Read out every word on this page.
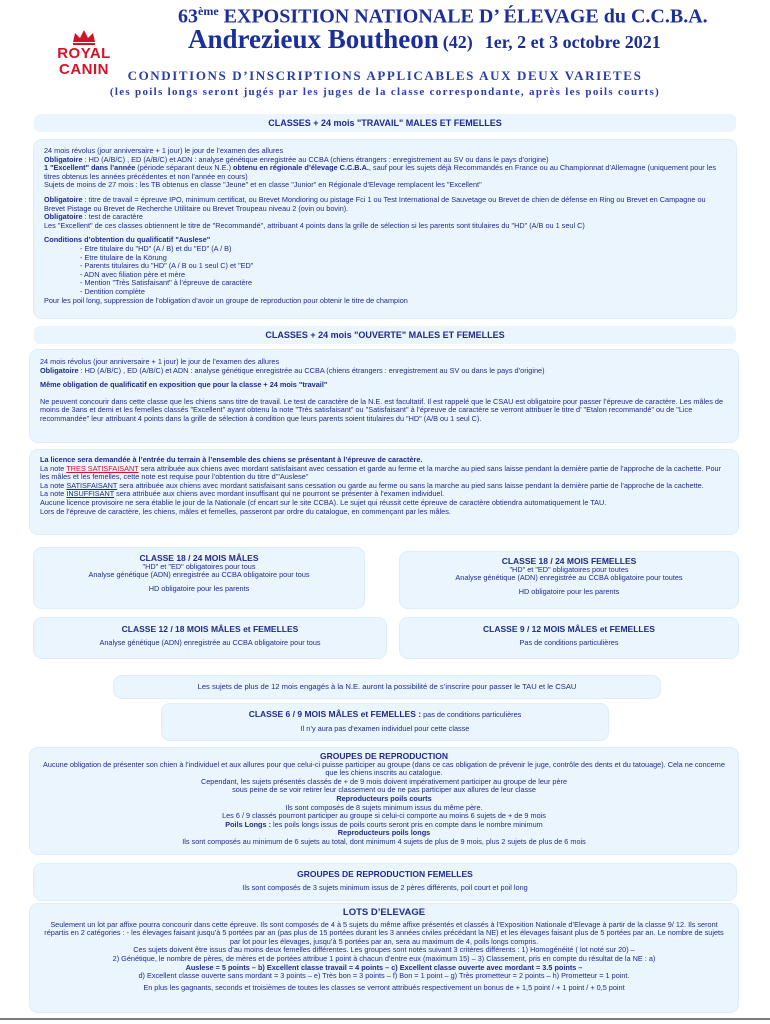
ROYAL CANIN
63ème EXPOSITION NATIONALE D’ ÉLEVAGE du C.C.B.A.
Andrezieux Boutheon (42) 1er, 2 et 3 octobre 2021
CONDITIONS D’INSCRIPTIONS APPLICABLES AUX DEUX VARIETES
(les poils longs seront jugés par les juges de la classe correspondante, après les poils courts)
CLASSES + 24 mois "TRAVAIL" MALES ET FEMELLES

24 mois révolus (jour anniversaire + 1 jour) le jour de l’examen des allures

Obligatoire : HD (A/B/C) , ED (A/B/C) et ADN : analyse génétique enregistrée au CCBA (chiens étrangers : enregistrement au SV ou dans le pays d’origine)

1 "Excellent" dans l’année (période séparant deux N.E.) obtenu en régionale d’élevage C.C.B.A., sauf pour les sujets déjà Recommandés en France ou au Championnat d’Allemagne (uniquement pour les titres obtenus les années précédentes et non l’année en cours)

Sujets de moins de 27 mois : les TB obtenus en classe "Jeune" et en classe "Junior" en Régionale d’Elevage remplacent les "Excellent"

Obligatoire : titre de travail = épreuve IPO, minimum certificat, ou Brevet Mondioring ou pistage Fci 1 ou Test International de Sauvetage ou Brevet de chien de défense en Ring ou Brevet en Campagne ou Brevet Pistage ou Brevet de Recherche Utilitaire ou Brevet Troupeau niveau 2 (ovin ou bovin).

Obligatoire : test de caractère

Les "Excellent" de ces classes obtiennent le titre de "Recommandé", attribuant 4 points dans la grille de sélection si les parents sont titulaires du "HD" (A/B ou 1 seul C)

Conditions d’obtention du qualificatif "Auslese"

- Etre titulaire du "HD" (A / B) et du "ED" (A / B)

- Etre titulaire de la Körung

- Parents titulaires du "HD" (A / B ou 1 seul C) et "ED"

- ADN avec filiation père et mère

- Mention "Très Satisfaisant" à l’épreuve de caractère

- Dentition complète

Pour les poil long, suppression de l’obligation d’avoir un groupe de reproduction pour obtenir le titre de champion

CLASSES + 24 mois "OUVERTE" MALES ET FEMELLES

24 mois révolus (jour anniversaire + 1 jour) le jour de l’examen des allures

Obligatoire : HD (A/B/C) , ED (A/B/C) et ADN : analyse génétique enregistrée au CCBA (chiens étrangers : enregistrement au SV ou dans le pays d’origine)

Même obligation de qualificatif en exposition que pour la classe + 24 mois "travail"

Ne peuvent concourir dans cette classe que les chiens sans titre de travail. Le test de caractère de la N.E. est facultatif. Il est rappelé que le CSAU est obligatoire pour passer l’épreuve de caractère. Les mâles de moins de 3ans et demi et les femelles classés "Excellent" ayant obtenu la note "Très satisfaisant" ou "Satisfaisant" à l’épreuve de caractère se verront attribuer le titre d’ "Etalon recommandé" ou de "Lice recommandée" leur attribuant 4 points dans la grille de sélection à condition que leurs parents soient titulaires du "HD" (A/B ou 1 seul C).

La licence sera demandée à l’entrée du terrain à l’ensemble des chiens se présentant à l’épreuve de caractère.

La note TRES SATISFAISANT sera attribuée aux chiens avec mordant satisfaisant avec cessation et garde au ferme et la marche au pied sans laisse pendant la dernière partie de l’approche de la cachette. Pour les mâles et les femelles, cette note est requise pour l’obtention du titre d’"Auslese"

La note SATISFAISANT sera attribuée aux chiens avec mordant satisfaisant sans cessation ou garde au ferme ou sans la marche au pied sans laisse pendant la dernière partie de l’approche de la cachette.

La note INSUFFISANT sera attribuée aux chiens avec mordant insuffisant qui ne pourront se présenter à l’examen individuel.

Aucune licence provisoire ne sera établie le jour de la Nationale (cf encart sur le site CCBA). Le sujet qui réussit cette épreuve de caractère obtiendra automatiquement le TAU.

Lors de l’épreuve de caractère, les chiens, mâles et femelles, passeront par ordre du catalogue, en commençant par les mâles.

CLASSE 18 / 24 MOIS MÂLES

"HD" et "ED" obligatoires pour tous

Analyse génétique (ADN) enregistrée au CCBA obligatoire pour tous

HD obligatoire pour les parents

CLASSE 18 / 24 MOIS FEMELLES

"HD" et "ED" obligatoires pour toutes

Analyse génétique (ADN) enregistrée au CCBA obligatoire pour toutes

HD obligatoire pour les parents

CLASSE 12 / 18 MOIS MÂLES et FEMELLES

Analyse génétique (ADN) enregistrée au CCBA obligatoire pour tous

CLASSE 9 / 12 MOIS MÂLES et FEMELLES

Pas de conditions particulières

Les sujets de plus de 12 mois engagés à la N.E. auront la possibilité de s’inscrire pour passer le TAU et le CSAU

CLASSE 6 / 9 MOIS MÂLES et FEMELLES : pas de conditions particulières

Il n’y aura pas d’examen individuel pour cette classe

GROUPES DE REPRODUCTION

Aucune obligation de présenter son chien à l’individuel et aux allures pour que celui-ci puisse participer au groupe (dans ce cas obligation de prévenir le juge, contrôle des dents et du tatouage). Cela ne concerne que les chiens inscrits au catalogue.

Cependant, les sujets présentés classés de + de 9 mois doivent impérativement participer au groupe de leur père

sous peine de se voir retirer leur classement ou de ne pas participer aux allures de leur classe

Reproducteurs poils courts

Ils sont composés de 8 sujets minimum issus du même père.

Les 6 / 9 classés pourront participer au groupe si celui-ci comporte au moins 6 sujets de + de 9 mois

Poils Longs : les poils longs issus de poils courts seront pris en compte dans le nombre minimum

Reproducteurs poils longs

Ils sont composés au minimum de 6 sujets au total, dont minimum 4 sujets de plus de 9 mois, plus 2 sujets de plus de 6 mois

GROUPES DE REPRODUCTION FEMELLES

Ils sont composés de 3 sujets minimum issus de 2 pères différents, poil court et poil long

LOTS D’ELEVAGE

Seulement un lot par affixe pourra concourir dans cette épreuve. Ils sont composés de 4 à 5 sujets du même affixe présentés et classés à l’Exposition Nationale d’Elevage à partir de la classe 9/ 12. Ils seront répartis en 2 catégories : - les élevages faisant jusqu’à 5 portées par an (pas plus de 15 portées durant les 3 années civiles précédant la NE) et les élevages faisant plus de 5 portées par an. Le nombre de sujets par lot pour les élevages, jusqu’à 5 portées par an, sera au maximum de 4, poils longs compris.

Ces sujets doivent être issus d’au moins deux femelles différentes. Les groupes sont notés suivant 3 critères différents : 1) Homogénéité ( lot noté sur 20) –

2) Génétique, le nombre de pères, de mères et de portées attribue 1 point à chacun d’entre eux (maximum 15) – 3) Classement, pris en compte du résultat de la NE : a)

Auslese = 5 points – b) Excellent classe travail = 4 points – c) Excellent classe ouverte avec mordant = 3.5 points –

d) Excellent classe ouverte sans mordant = 3 points – e) Très bon = 3 points – f) Bon = 1 point – g) Très prometteur = 2 points – h) Prometteur = 1 point.

En plus les gagnants, seconds et troisièmes de toutes les classes se verront attribués respectivement un bonus de + 1,5 point / + 1 point / + 0,5 point
